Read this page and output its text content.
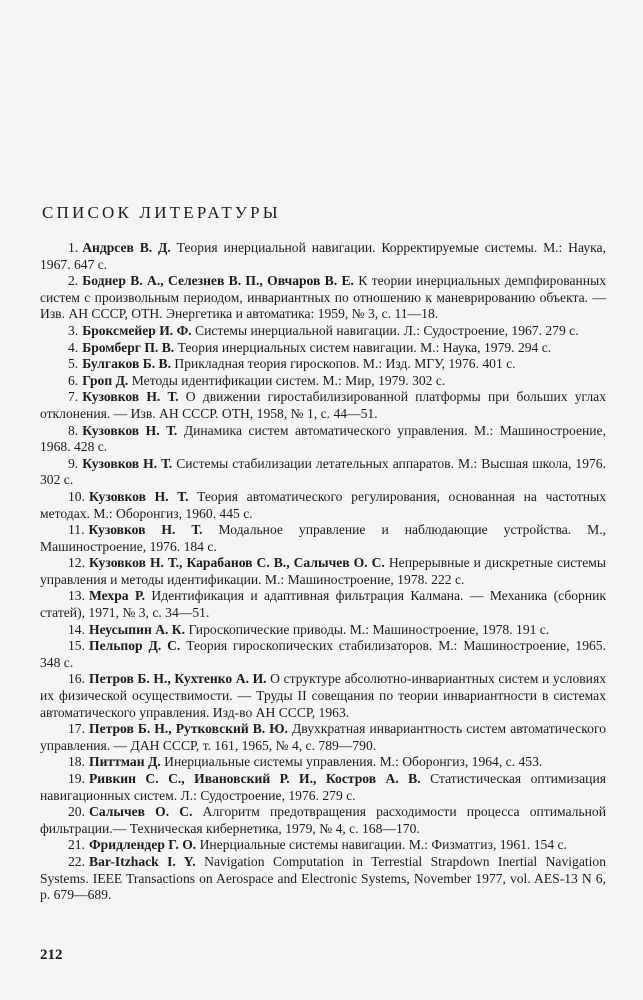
СПИСОК ЛИТЕРАТУРЫ

1. Андрсев В. Д. Теория инерциальной навигации. Корректируемые системы. М.: Наука, 1967. 647 с.

2. Боднер В. А., Селезнев В. П., Овчаров В. Е. К теории инерциальных демпфированных систем с произвольным периодом, инвариантных по отношению к маневрированию объекта. — Изв. АН СССР, ОТН. Энергетика и автоматика: 1959, № 3, с. 11—18.

3. Броксмейер И. Ф. Системы инерциальной навигации. Л.: Судостроение, 1967. 279 с.

4. Бромберг П. В. Теория инерциальных систем навигации. М.: Наука, 1979. 294 с.

5. Булгаков Б. В. Прикладная теория гироскопов. М.: Изд. МГУ, 1976. 401 с.

6. Гроп Д. Методы идентификации систем. М.: Мир, 1979. 302 с.

7. Кузовков Н. Т. О движении гиростабилизированной платформы при больших углах отклонения. — Изв. АН СССР. ОТН, 1958, № 1, с. 44—51.

8. Кузовков Н. Т. Динамика систем автоматического управления. М.: Машиностроение, 1968. 428 с.

9. Кузовков Н. Т. Системы стабилизации летательных аппаратов. М.: Высшая школа, 1976. 302 с.

10. Кузовков Н. Т. Теория автоматического регулирования, основанная на частотных методах. М.: Оборонгиз, 1960. 445 с.

11. Кузовков Н. Т. Модальное управление и наблюдающие устройства. М., Машиностроение, 1976. 184 с.

12. Кузовков Н. Т., Карабанов С. В., Салычев О. С. Непрерывные и дискретные системы управления и методы идентификации. М.: Машиностроение, 1978. 222 с.

13. Мехра Р. Идентификация и адаптивная фильтрация Калмана. — Механика (сборник статей), 1971, № 3, с. 34—51.

14. Неусыпин А. К. Гироскопические приводы. М.: Машиностроение, 1978. 191 с.

15. Пельпор Д. С. Теория гироскопических стабилизаторов. М.: Машиностроение, 1965. 348 с.

16. Петров Б. Н., Кухтенко А. И. О структуре абсолютно-инвариантных систем и условиях их физической осуществимости. — Труды II совещания по теории инвариантности в системах автоматического управления. Изд-во АН СССР, 1963.

17. Петров Б. Н., Рутковский В. Ю. Двухкратная инвариантность систем автоматического управления. — ДАН СССР, т. 161, 1965, № 4, с. 789—790.

18. Питтман Д. Инерциальные системы управления. М.: Оборонгиз, 1964, с. 453.

19. Ривкин С. С., Ивановский Р. И., Костров А. В. Статистическая оптимизация навигационных систем. Л.: Судостроение, 1976. 279 с.

20. Салычев О. С. Алгоритм предотвращения расходимости процесса оптимальной фильтрации.— Техническая кибернетика, 1979, № 4, с. 168—170.

21. Фридлендер Г. О. Инерциальные системы навигации. М.: Физматгиз, 1961. 154 с.

22. Bar-Itzhack I. Y. Navigation Computation in Terrestial Strapdown Inertial Navigation Systems. IEEE Transactions on Aerospace and Electronic Systems, November 1977, vol. AES-13 N 6, p. 679—689.

212
